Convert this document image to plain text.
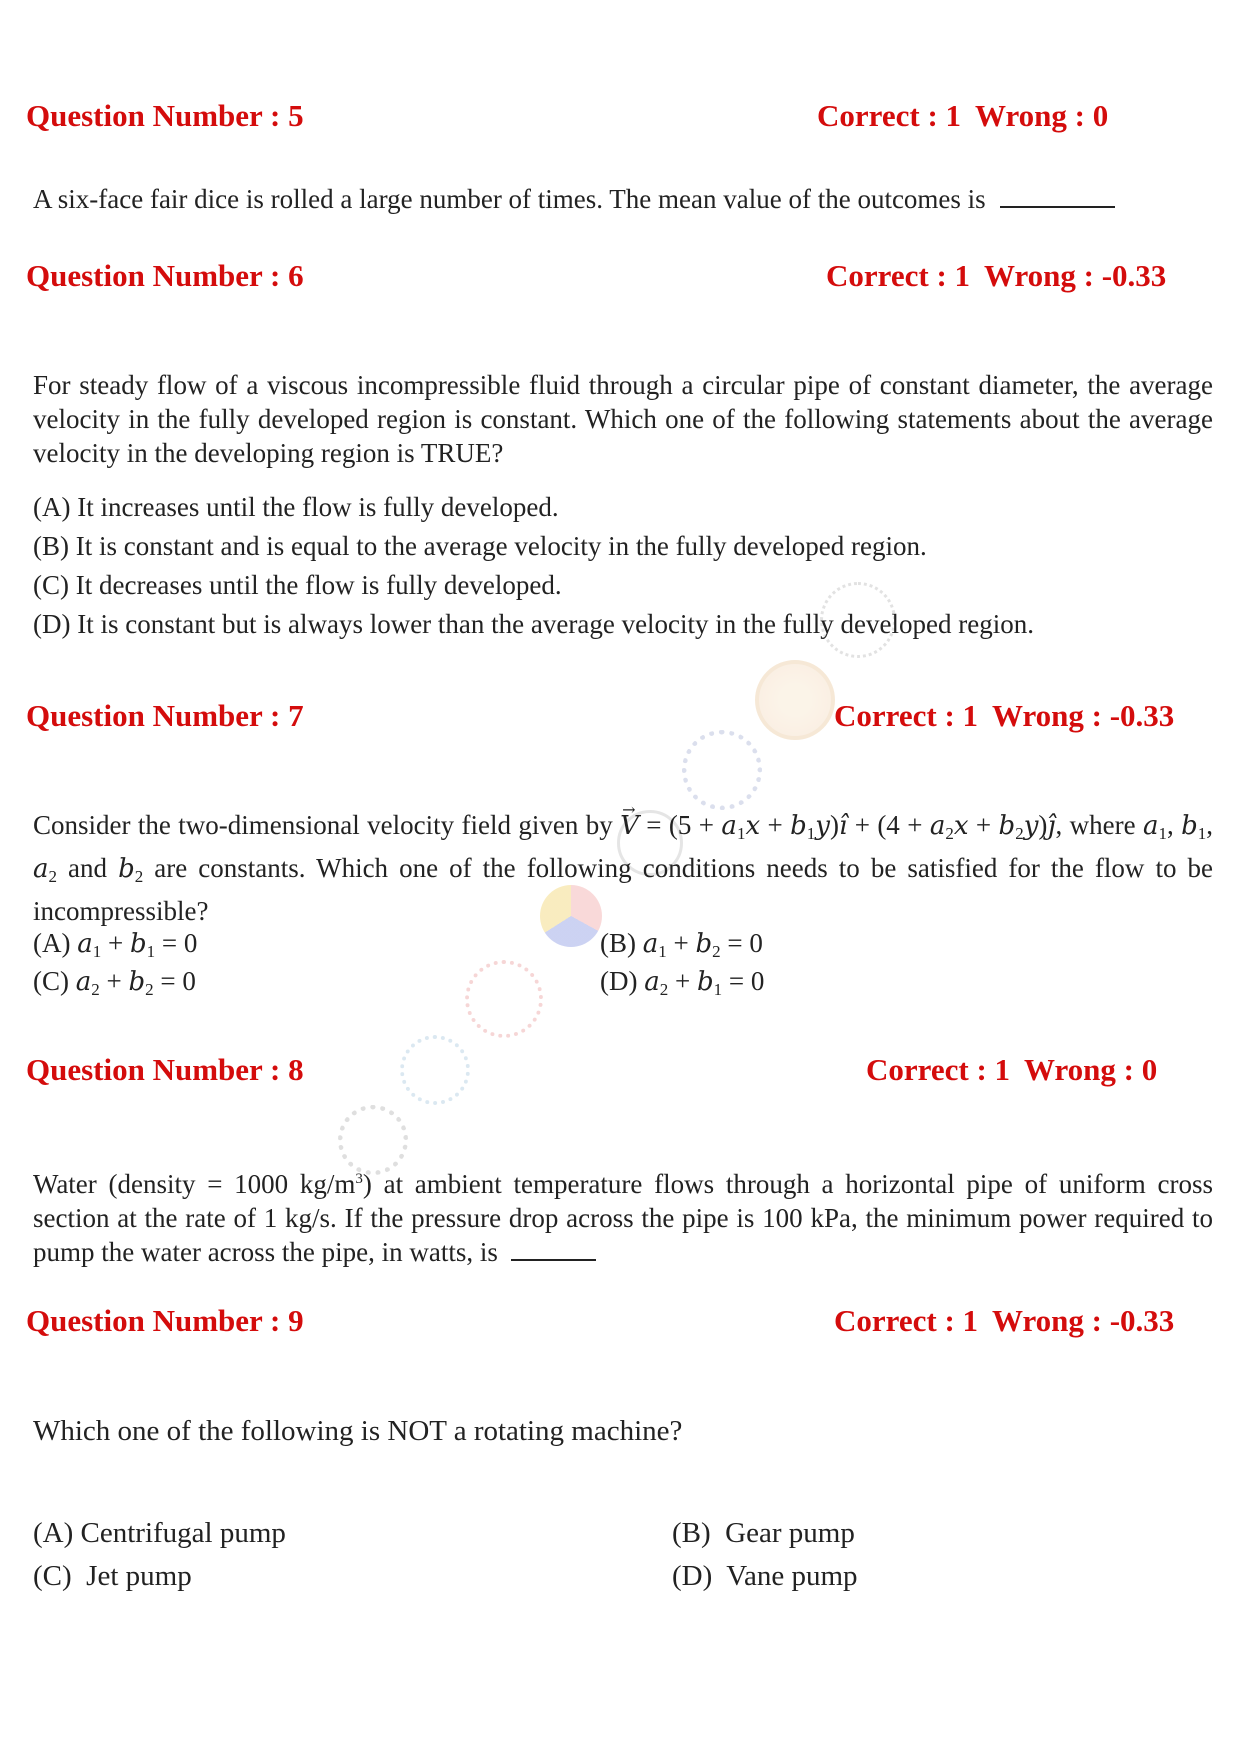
Question Number : 5	Correct : 1 Wrong : 0
A six-face fair dice is rolled a large number of times. The mean value of the outcomes is
Question Number : 6	Correct : 1 Wrong : -0.33
For steady flow of a viscous incompressible fluid through a circular pipe of constant diameter, the average velocity in the fully developed region is constant. Which one of the following statements about the average velocity in the developing region is TRUE?
(A) It increases until the flow is fully developed.
(B) It is constant and is equal to the average velocity in the fully developed region.
(C) It decreases until the flow is fully developed.
(D) It is constant but is always lower than the average velocity in the fully developed region.
Question Number : 7	Correct : 1 Wrong : -0.33
Consider the two-dimensional velocity field given by → $V = (5 + a_1x$ + $b_1y)î + (4 + a_2x$ + $b_2y)ĵ$, where $a_1$, $b_1$, $a_2$ and $b_2$ are constants. Which one of the following conditions needs to be satisfied for the flow to be incompressible?
(A) $a_1 + b_1 = 0$	(B) $a_1 + b_2 = 0$
(C) $a_2 + b_2 = 0$	(D) $a_2 + b_1 = 0$
Question Number : 8	Correct : 1 Wrong : 0
Water (density = 1000 $kg/m^3$) at ambient temperature flows through a horizontal pipe of uniform cross section at the rate of 1 kg/s. If the pressure drop across the pipe is 100 kPa, the minimum power required to pump the water across the pipe, in watts, is
Question Number : 9	Correct : 1 Wrong : -0.33
Which one of the following is NOT a rotating machine?
(A) Centrifugal pump	(B) Gear pump
(C) Jet pump	(D) Vane pump
